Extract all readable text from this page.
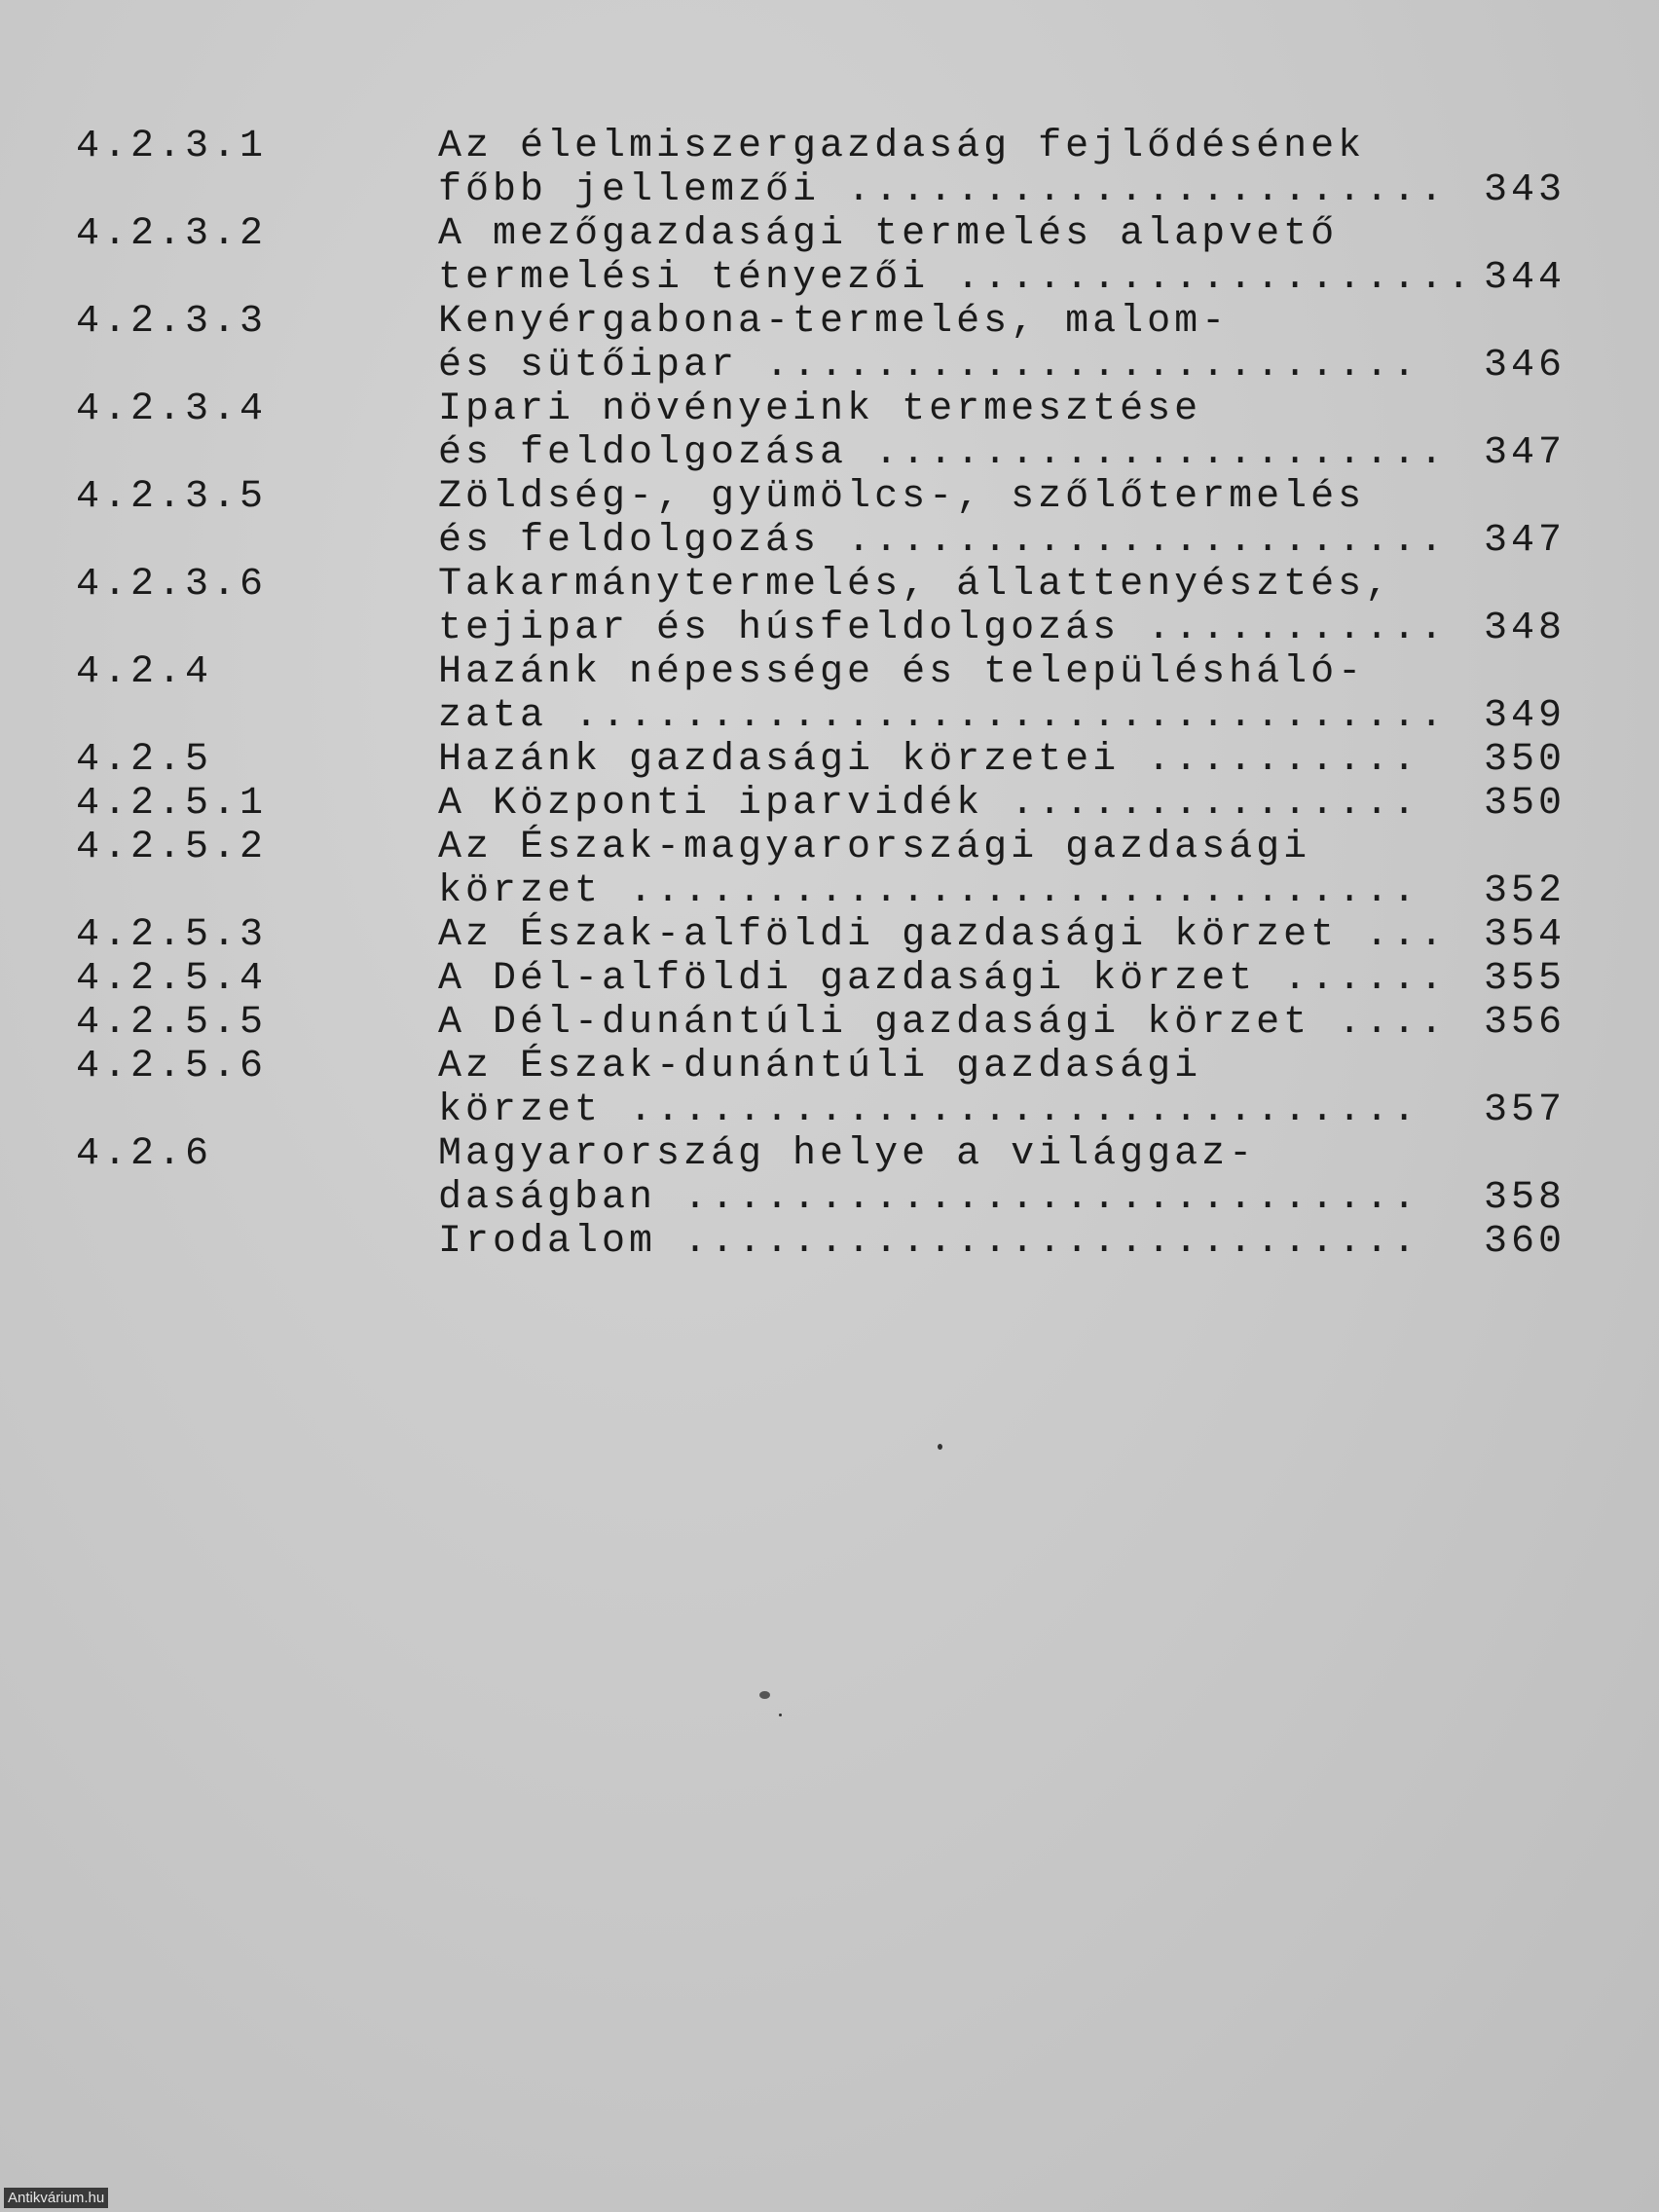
4.2.3.1	Az élelmiszergazdaság fejlődésének
főbb jellemzői ...................... 343
4.2.3.2	A mezőgazdasági termelés alapvető
termelési tényezői ................... 344
4.2.3.3	Kenyérgabona-termelés, malom-
és sütőipar ........................ 346
4.2.3.4	Ipari növényeink termesztése
és feldolgozása ..................... 347
4.2.3.5	Zöldség-, gyümölcs-, szőlőtermelés
és feldolgozás ...................... 347
4.2.3.6	Takarmánytermelés, állattenyésztés,
tejipar és húsfeldolgozás ........... 348
4.2.4	Hazánk népessége és településháló-
zata ................................ 349
4.2.5	Hazánk gazdasági körzetei .......... 350
4.2.5.1	A Központi iparvidék ............... 350
4.2.5.2	Az Észak-magyarországi gazdasági
körzet ............................. 352
4.2.5.3	Az Észak-alföldi gazdasági körzet ... 354
4.2.5.4	A Dél-alföldi gazdasági körzet ...... 355
4.2.5.5	A Dél-dunántúli gazdasági körzet .... 356
4.2.5.6	Az Észak-dunántúli gazdasági
körzet ............................. 357
4.2.6	Magyarország helye a világgaz-
daságban ........................... 358
Irodalom ........................... 360
Antikvárium.hu
